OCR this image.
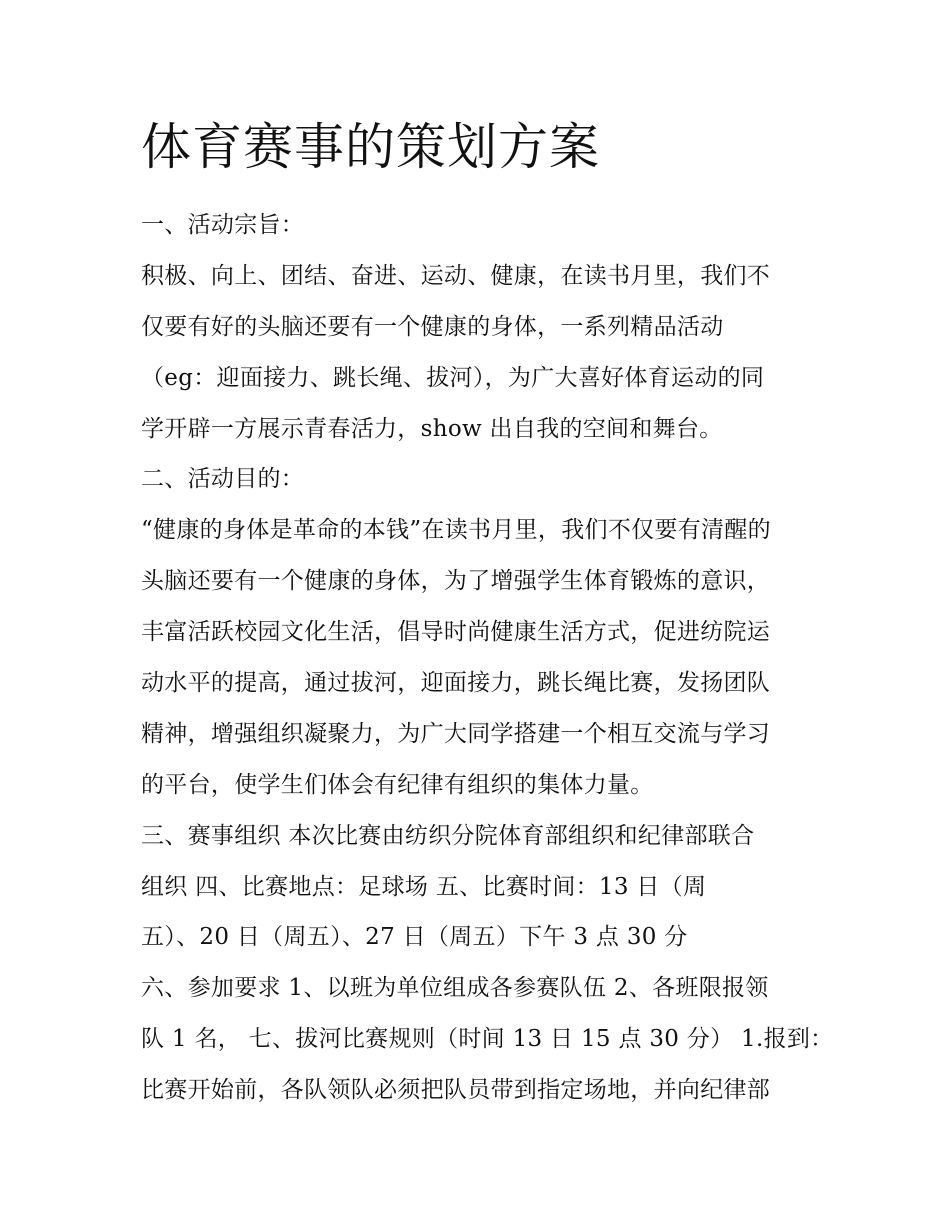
体育赛事的策划方案
一、活动宗旨：
积极、向上、团结、奋进、运动、健康，在读书月里，我们不
仅要有好的头脑还要有一个健康的身体，一系列精品活动
（eg：迎面接力、跳长绳、拔河），为广大喜好体育运动的同
学开辟一方展示青春活力，show 出自我的空间和舞台。
二、活动目的：
“健康的身体是革命的本钱”在读书月里，我们不仅要有清醒的
头脑还要有一个健康的身体，为了增强学生体育锻炼的意识，
丰富活跃校园文化生活，倡导时尚健康生活方式，促进纺院运
动水平的提高，通过拔河，迎面接力，跳长绳比赛，发扬团队
精神，增强组织凝聚力，为广大同学搭建一个相互交流与学习
的平台，使学生们体会有纪律有组织的集体力量。
三、赛事组织 本次比赛由纺织分院体育部组织和纪律部联合
组织 四、比赛地点：足球场 五、比赛时间：13 日（周
五）、20 日（周五）、27 日（周五）下午 3 点 30 分
六、参加要求 1、以班为单位组成各参赛队伍 2、各班限报领
队 1 名， 七、拔河比赛规则（时间 13 日 15 点 30 分） 1.报到：
比赛开始前，各队领队必须把队员带到指定场地，并向纪律部
